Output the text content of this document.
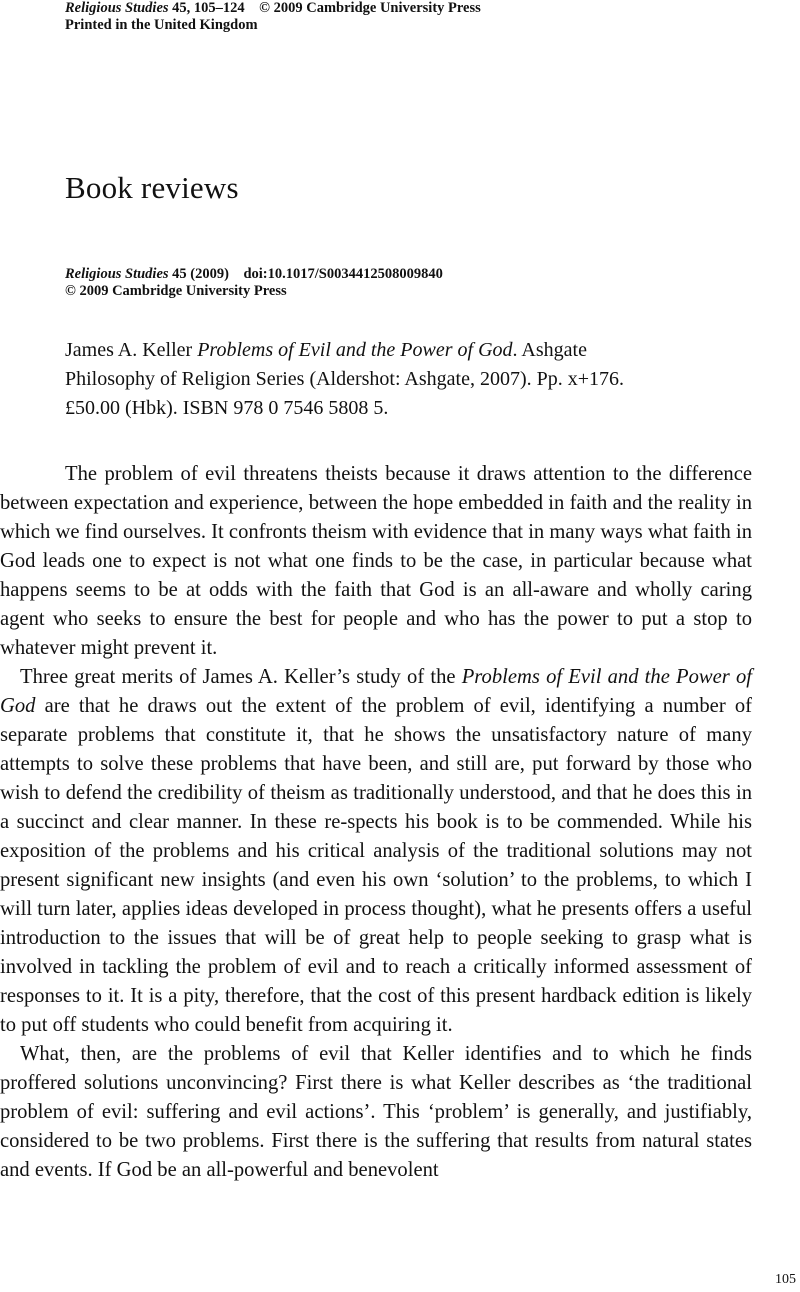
Religious Studies 45, 105–124 © 2009 Cambridge University Press
Printed in the United Kingdom
Book reviews
Religious Studies 45 (2009) doi:10.1017/S0034412508009840
© 2009 Cambridge University Press
James A. Keller Problems of Evil and the Power of God. Ashgate
Philosophy of Religion Series (Aldershot: Ashgate, 2007). Pp. x+176.
£50.00 (Hbk). ISBN 978 0 7546 5808 5.

The problem of evil threatens theists because it draws attention to the difference between expectation and experience, between the hope embedded in faith and the reality in which we find ourselves. It confronts theism with evidence that in many ways what faith in God leads one to expect is not what one finds to be the case, in particular because what happens seems to be at odds with the faith that God is an all-aware and wholly caring agent who seeks to ensure the best for people and who has the power to put a stop to whatever might prevent it.

Three great merits of James A. Keller’s study of the Problems of Evil and the Power of God are that he draws out the extent of the problem of evil, identifying a number of separate problems that constitute it, that he shows the unsatisfactory nature of many attempts to solve these problems that have been, and still are, put forward by those who wish to defend the credibility of theism as traditionally understood, and that he does this in a succinct and clear manner. In these re-spects his book is to be commended. While his exposition of the problems and his critical analysis of the traditional solutions may not present significant new insights (and even his own ‘solution’ to the problems, to which I will turn later, applies ideas developed in process thought), what he presents offers a useful introduction to the issues that will be of great help to people seeking to grasp what is involved in tackling the problem of evil and to reach a critically informed assessment of responses to it. It is a pity, therefore, that the cost of this present hardback edition is likely to put off students who could benefit from acquiring it.

What, then, are the problems of evil that Keller identifies and to which he finds proffered solutions unconvincing? First there is what Keller describes as ‘the traditional problem of evil: suffering and evil actions’. This ‘problem’ is generally, and justifiably, considered to be two problems. First there is the suffering that results from natural states and events. If God be an all-powerful and benevolent

105
